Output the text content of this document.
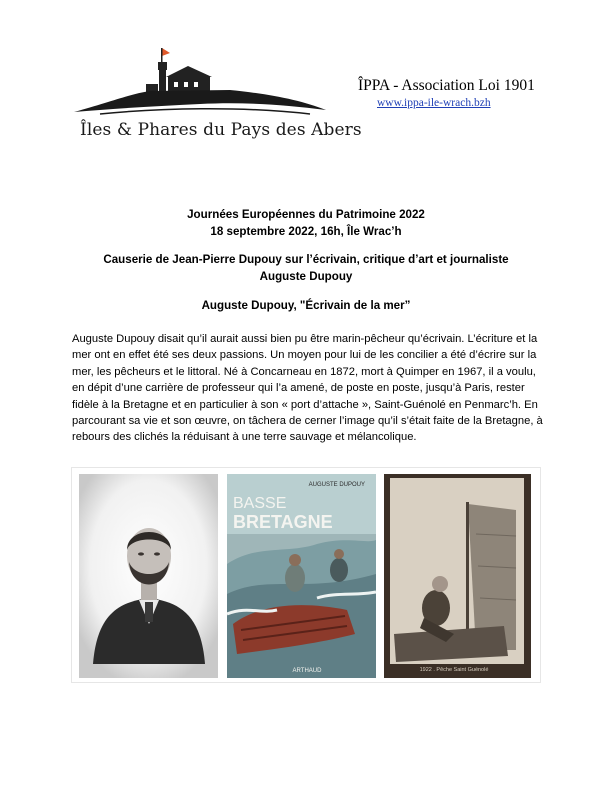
Îles & Phares du Pays des Abers
ÎPPA - Association Loi 1901
www.ippa-ile-wrach.bzh
Journées Européennes du Patrimoine 2022
18 septembre 2022, 16h, Île Wrac’h
Causerie de Jean-Pierre Dupouy sur l’écrivain, critique d’art et journaliste
Auguste Dupouy
Auguste Dupouy, "Écrivain de la mer”
Auguste Dupouy disait qu’il aurait aussi bien pu être marin-pêcheur qu’écrivain. L’écriture et la mer ont en effet été ses deux passions. Un moyen pour lui de les concilier a été d’écrire sur la mer, les pêcheurs et le littoral. Né à Concarneau en 1872, mort à Quimper en 1967, il a voulu, en dépit d’une carrière de professeur qui l’a amené, de poste en poste, jusqu’à Paris, rester fidèle à la Bretagne et en particulier à son « port d’attache », Saint-Guénolé en Penmarc’h. En parcourant sa vie et son œuvre, on tâchera de cerner l’image qu’il s’était faite de la Bretagne, à rebours des clichés la réduisant à une terre sauvage et mélancolique.
AUGUSTE DUPOUY
BASSE
BRETAGNE
ARTHAUD	1922 . Pêche Saint Guénolé
